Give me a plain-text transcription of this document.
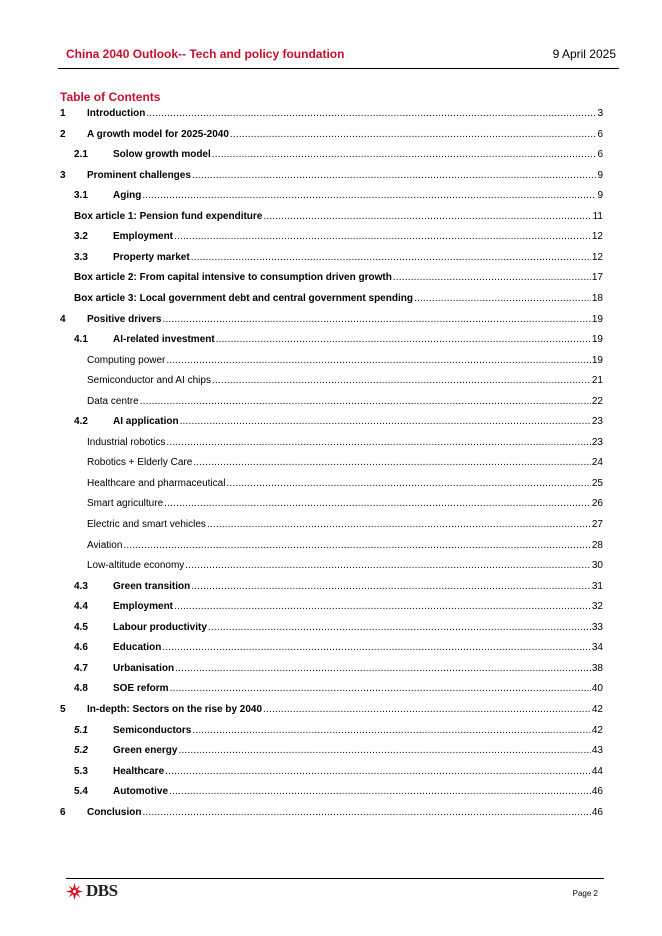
China 2040 Outlook-- Tech and policy foundation	9 April 2025
Table of Contents
1	Introduction .....	3
2	A growth model for 2025-2040 .....	6
2.1	Solow growth model .....	6
3	Prominent challenges .....	9
3.1	Aging .....	9
Box article 1: Pension fund expenditure .....	11
3.2	Employment .....	12
3.3	Property market .....	12
Box article 2: From capital intensive to consumption driven growth .....	17
Box article 3: Local government debt and central government spending .....	18
4	Positive drivers .....	19
4.1	AI-related investment .....	19
Computing power .....	19
Semiconductor and AI chips .....	21
Data centre .....	22
4.2	AI application .....	23
Industrial robotics .....	23
Robotics + Elderly Care .....	24
Healthcare and pharmaceutical .....	25
Smart agriculture .....	26
Electric and smart vehicles .....	27
Aviation .....	28
Low-altitude economy .....	30
4.3	Green transition .....	31
4.4	Employment .....	32
4.5	Labour productivity .....	33
4.6	Education .....	34
4.7	Urbanisation .....	38
4.8	SOE reform .....	40
5	In-depth: Sectors on the rise by 2040 .....	42
5.1	Semiconductors .....	42
5.2	Green energy .....	43
5.3	Healthcare .....	44
5.4	Automotive .....	46
6	Conclusion .....	46
DBS	Page 2
